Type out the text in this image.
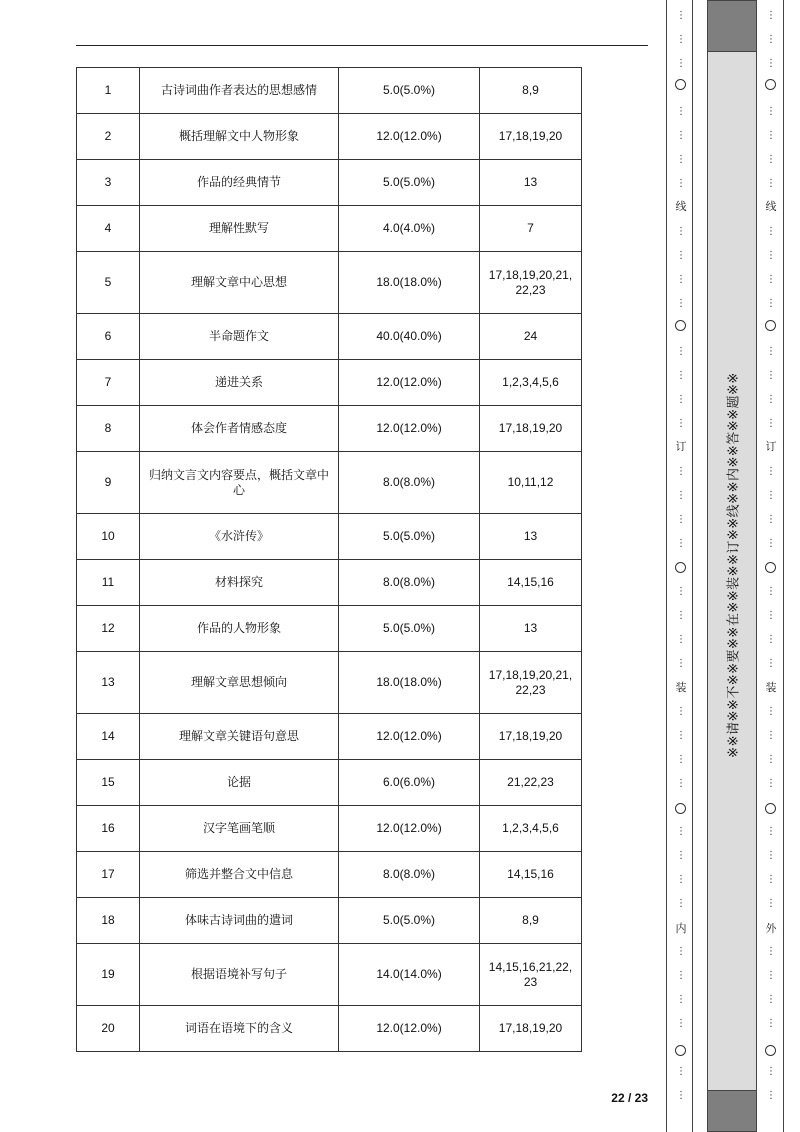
1	古诗词曲作者表达的思想感情	5.0(5.0%)	8,9
2	概括理解文中人物形象	12.0(12.0%)	17,18,19,20
3	作品的经典情节	5.0(5.0%)	13
4	理解性默写	4.0(4.0%)	7
5	理解文章中心思想	18.0(18.0%)	17,18,19,20,21,
22,23
6	半命题作文	40.0(40.0%)	24
7	递进关系	12.0(12.0%)	1,2,3,4,5,6
8	体会作者情感态度	12.0(12.0%)	17,18,19,20
9	归纳文言文内容要点，概括文章中心	8.0(8.0%)	10,11,12
10	《水浒传》	5.0(5.0%)	13
11	材料探究	8.0(8.0%)	14,15,16
12	作品的人物形象	5.0(5.0%)	13
13	理解文章思想倾向	18.0(18.0%)	17,18,19,20,21,
22,23
14	理解文章关键语句意思	12.0(12.0%)	17,18,19,20
15	论据	6.0(6.0%)	21,22,23
16	汉字笔画笔顺	12.0(12.0%)	1,2,3,4,5,6
17	筛选并整合文中信息	8.0(8.0%)	14,15,16
18	体味古诗词曲的遣词	5.0(5.0%)	8,9
19	根据语境补写句子	14.0(14.0%)	14,15,16,21,22,
23
20	词语在语境下的含义	12.0(12.0%)	17,18,19,20
22 / 23
⋮
⋮
⋮
⋮
⋮
⋮
⋮
⋮
⋮
⋮
⋮
⋮
⋮
⋮
⋮
⋮
⋮
⋮
⋮
⋮
⋮
⋮
⋮
⋮
⋮
⋮
⋮
⋮
⋮
⋮
⋮
⋮
⋮
⋮
⋮
⋮
⋮
线
订
装
内
⋮
⋮
⋮
⋮
⋮
⋮
⋮
⋮
⋮
⋮
⋮
⋮
⋮
⋮
⋮
⋮
⋮
⋮
⋮
⋮
⋮
⋮
⋮
⋮
⋮
⋮
⋮
⋮
⋮
⋮
⋮
⋮
⋮
⋮
⋮
⋮
⋮
线
订
装
外
※※请※※不※※要※※在※※装※※订※※线※※内※※答※※题※※
